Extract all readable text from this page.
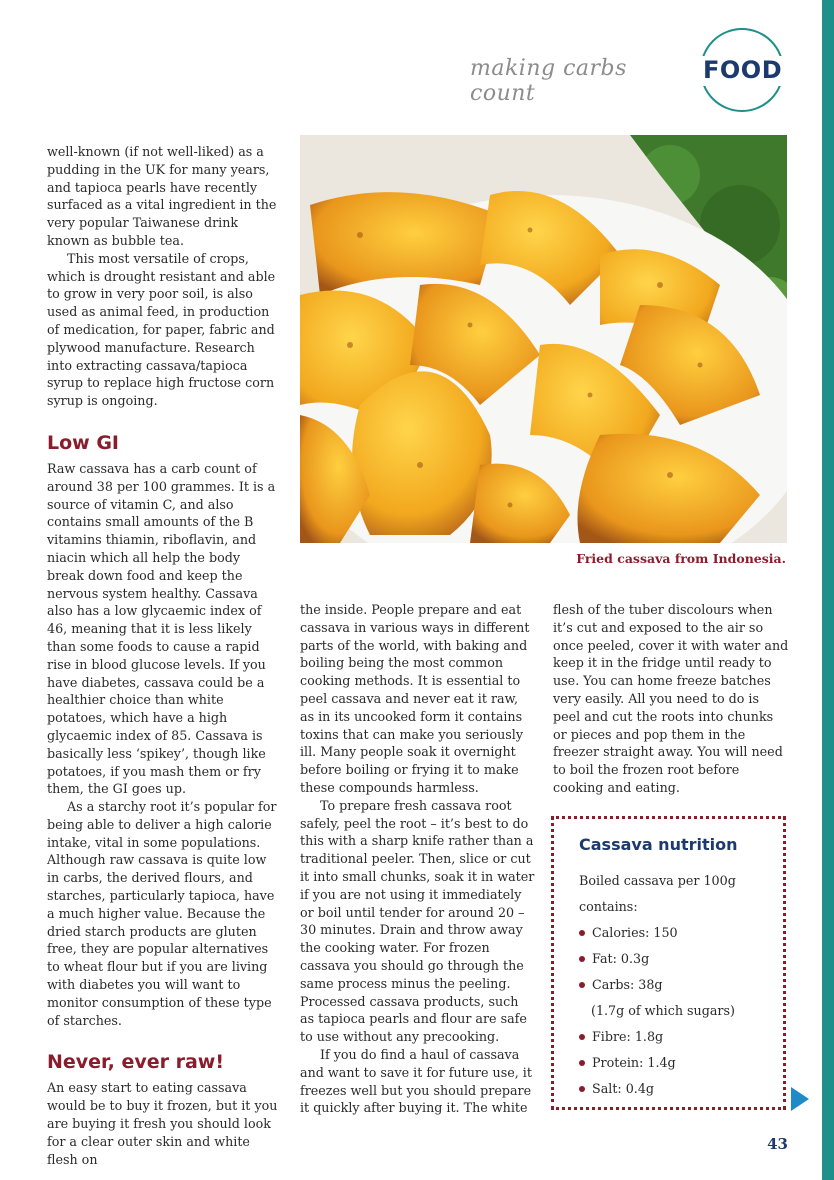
making carbs count
FOOD

well-known (if not well-liked) as a pudding in the UK for many years, and tapioca pearls have recently surfaced as a vital ingredient in the very popular Taiwanese drink known as bubble tea.

This most versatile of crops, which is drought resistant and able to grow in very poor soil, is also used as animal feed, in production of medication, for paper, fabric and plywood manufacture. Research into extracting cassava/tapioca syrup to replace high fructose corn syrup is ongoing.

Low GI

Raw cassava has a carb count of around 38 per 100 grammes. It is a source of vitamin C, and also contains small amounts of the B vitamins thiamin, riboflavin, and niacin which all help the body break down food and keep the nervous system healthy. Cassava also has a low glycaemic index of 46, meaning that it is less likely than some foods to cause a rapid rise in blood glucose levels. If you have diabetes, cassava could be a healthier choice than white potatoes, which have a high glycaemic index of 85. Cassava is basically less ‘spikey’, though like potatoes, if you mash them or fry them, the GI goes up.

As a starchy root it’s popular for being able to deliver a high calorie intake, vital in some populations. Although raw cassava is quite low in carbs, the derived flours, and starches, particularly tapioca, have a much higher value. Because the dried starch products are gluten free, they are popular alternatives to wheat flour but if you are living with diabetes you will want to monitor consumption of these type of starches.

Never, ever raw!

An easy start to eating cassava would be to buy it frozen, but it you are buying it fresh you should look for a clear outer skin and white flesh on

Fried cassava from Indonesia.

the inside. People prepare and eat cassava in various ways in different parts of the world, with baking and boiling being the most common cooking methods. It is essential to peel cassava and never eat it raw, as in its uncooked form it contains toxins that can make you seriously ill. Many people soak it overnight before boiling or frying it to make these compounds harmless.

To prepare fresh cassava root safely, peel the root – it’s best to do this with a sharp knife rather than a traditional peeler. Then, slice or cut it into small chunks, soak it in water if you are not using it immediately or boil until tender for around 20 – 30 minutes. Drain and throw away the cooking water. For frozen cassava you should go through the same process minus the peeling. Processed cassava products, such as tapioca pearls and flour are safe to use without any precooking.

If you do find a haul of cassava and want to save it for future use, it freezes well but you should prepare it quickly after buying it. The white

flesh of the tuber discolours when it’s cut and exposed to the air so once peeled, cover it with water and keep it in the fridge until ready to use. You can home freeze batches very easily. All you need to do is peel and cut the roots into chunks or pieces and pop them in the freezer straight away. You will need to boil the frozen root before cooking and eating.

Cassava nutrition

Boiled cassava per 100g

contains:

Calories: 150
Fat: 0.3g
Carbs: 38g
(1.7g of which sugars)
Fibre: 1.8g
Protein: 1.4g
Salt: 0.4g
43
